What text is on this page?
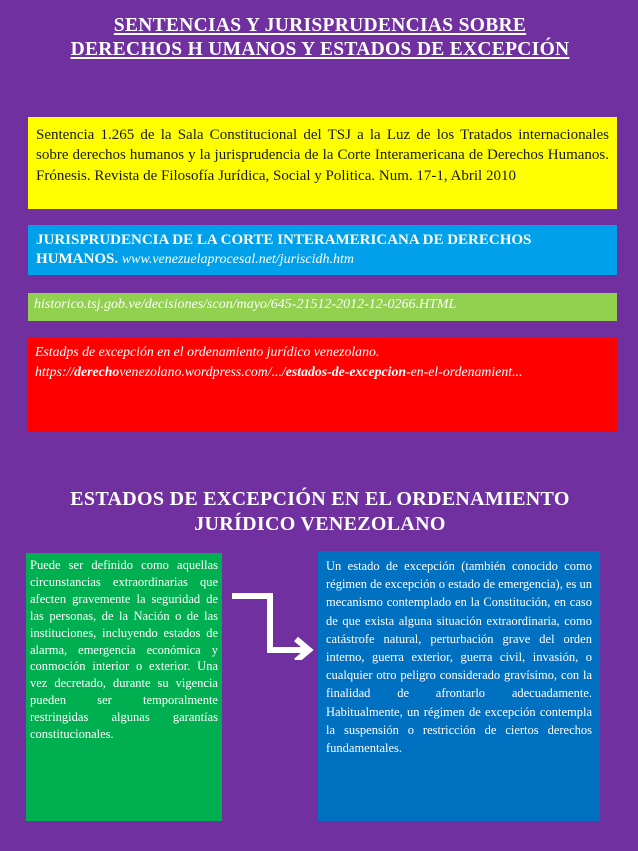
SENTENCIAS Y JURISPRUDENCIAS SOBRE DERECHOS H UMANOS Y ESTADOS DE EXCEPCIÓN
Sentencia 1.265 de la Sala Constitucional del TSJ a la Luz de los Tratados internacionales sobre derechos humanos y la jurisprudencia de la Corte Interamericana de Derechos Humanos. Frónesis. Revista de Filosofía Jurídica, Social y Politica. Num. 17-1, Abril 2010
JURISPRUDENCIA DE LA CORTE INTERAMERICANA DE DERECHOS HUMANOS. www.venezuelaprocesal.net/juriscidh.htm
historico.tsj.gob.ve/decisiones/scon/mayo/645-21512-2012-12-0266.HTML
Estadps de excepción en el ordenamiento jurídico venezolano.
https://derechovenezolano.wordpress.com/.../estados-de-excepcion-en-el-ordenamient...
ESTADOS DE EXCEPCIÓN EN EL ORDENAMIENTO JURÍDICO VENEZOLANO
Puede ser definido como aquellas circunstancias extraordinarias que afecten gravemente la seguridad de las personas, de la Nación o de las instituciones, incluyendo estados de alarma, emergencia económica y conmoción interior o exterior. Una vez decretado, durante su vigencia pueden ser temporalmente restringidas algunas garantías constitucionales.
Un estado de excepción (también conocido como régimen de excepción o estado de emergencia), es un mecanismo contemplado en la Constitución, en caso de que exista alguna situación extraordinaria, como catástrofe natural, perturbación grave del orden interno, guerra exterior, guerra civil, invasión, o cualquier otro peligro considerado gravísimo, con la finalidad de afrontarlo adecuadamente. Habitualmente, un régimen de excepción contempla la suspensión o restricción de ciertos derechos fundamentales.
